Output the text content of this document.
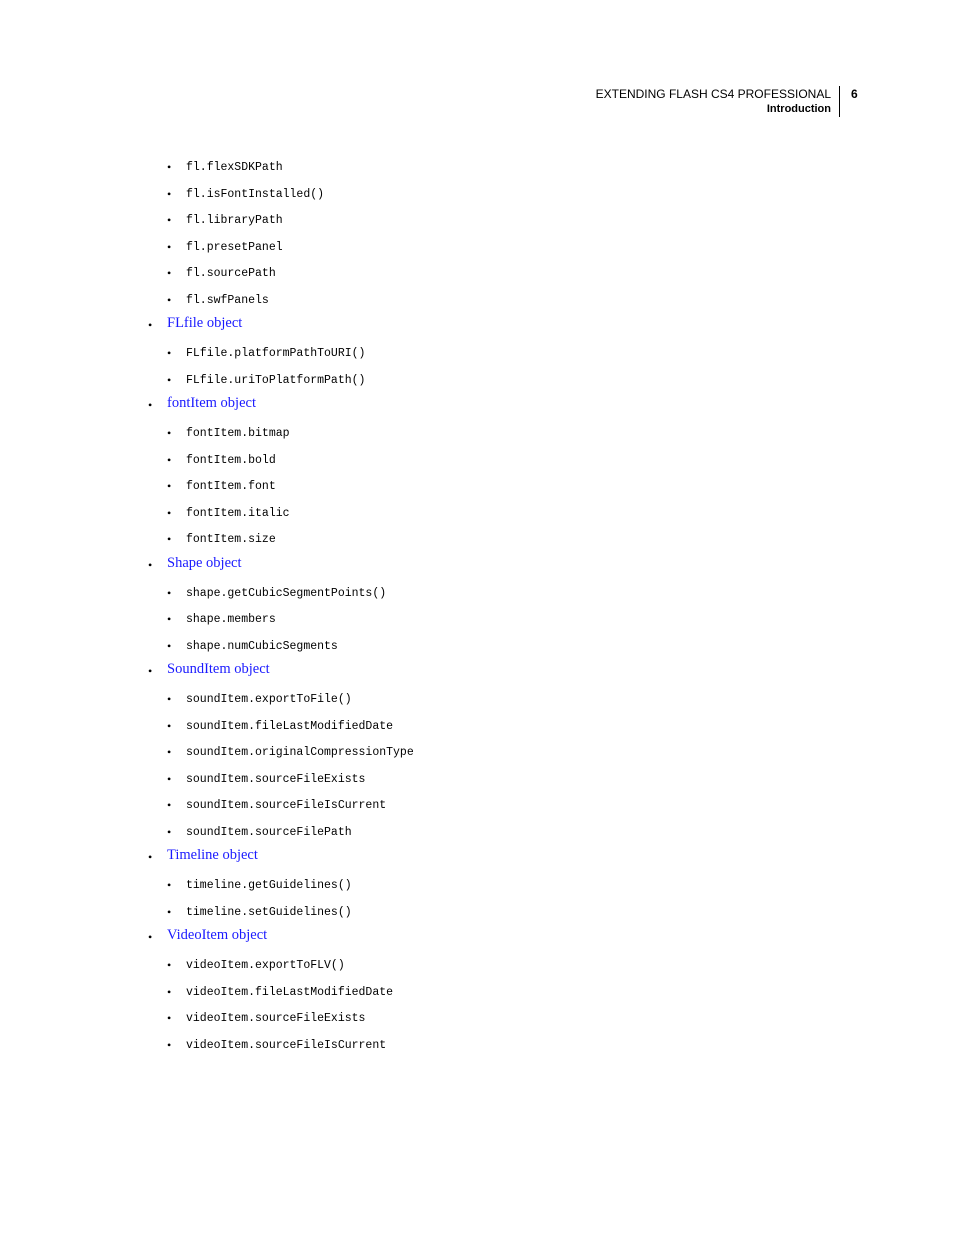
EXTENDING FLASH CS4 PROFESSIONAL
Introduction
6
• fl.flexSDKPath
• fl.isFontInstalled()
• fl.libraryPath
• fl.presetPanel
• fl.sourcePath
• fl.swfPanels
• FLfile object
• FLfile.platformPathToURI()
• FLfile.uriToPlatformPath()
• fontItem object
• fontItem.bitmap
• fontItem.bold
• fontItem.font
• fontItem.italic
• fontItem.size
• Shape object
• shape.getCubicSegmentPoints()
• shape.members
• shape.numCubicSegments
• SoundItem object
• soundItem.exportToFile()
• soundItem.fileLastModifiedDate
• soundItem.originalCompressionType
• soundItem.sourceFileExists
• soundItem.sourceFileIsCurrent
• soundItem.sourceFilePath
• Timeline object
• timeline.getGuidelines()
• timeline.setGuidelines()
• VideoItem object
• videoItem.exportToFLV()
• videoItem.fileLastModifiedDate
• videoItem.sourceFileExists
• videoItem.sourceFileIsCurrent
